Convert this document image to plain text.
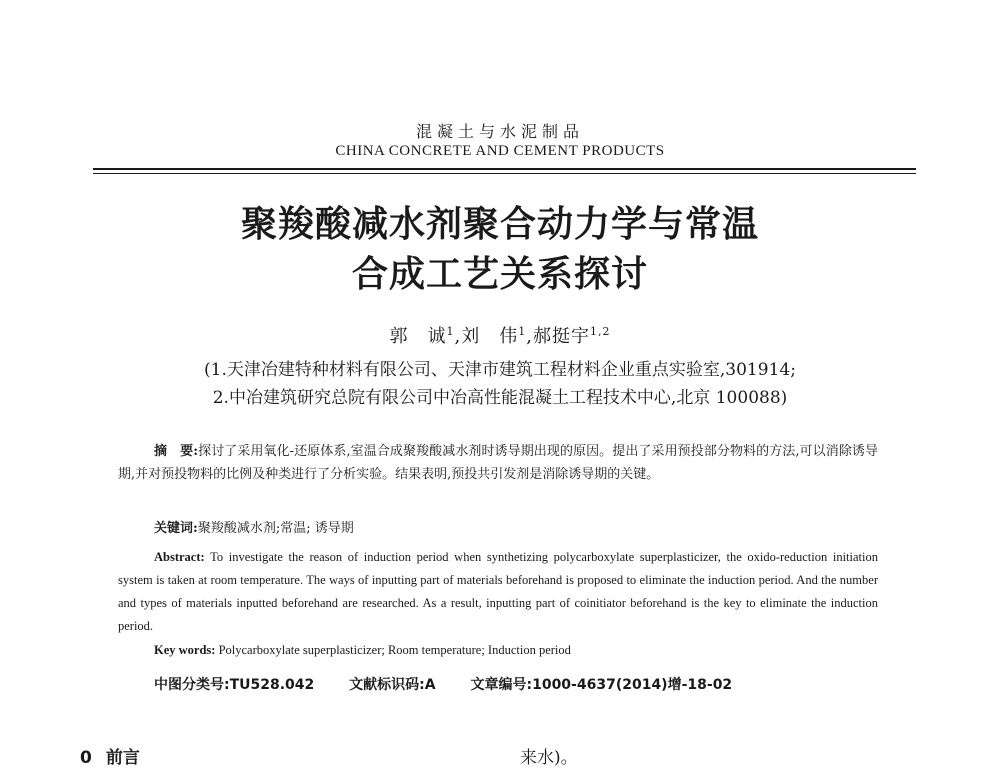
混凝土与水泥制品
CHINA CONCRETE AND CEMENT PRODUCTS
聚羧酸减水剂聚合动力学与常温
合成工艺关系探讨
郭　诚$^1$,刘　伟$^1$,郝挺宇$^{1,2}$
(1.天津冶建特种材料有限公司、天津市建筑工程材料企业重点实验室,301914;
2.中冶建筑研究总院有限公司中冶高性能混凝土工程技术中心,北京 100088)
摘　要:探讨了采用氧化-还原体系,室温合成聚羧酸减水剂时诱导期出现的原因。提出了采用预投部分物料的方法,可以消除诱导期,并对预投物料的比例及种类进行了分析实验。结果表明,预投共引发剂是消除诱导期的关键。
关键词:聚羧酸减水剂;常温; 诱导期
Abstract: To investigate the reason of induction period when synthetizing polycarboxylate superplasticizer, the oxido-reduction initiation system is taken at room temperature. The ways of inputting part of materials beforehand is proposed to eliminate the induction period. And the number and types of materials inputted beforehand are researched. As a result, inputting part of coinitiator beforehand is the key to eliminate the induction period.
Key words: Polycarboxylate superplasticizer; Room temperature; Induction period
中图分类号:TU528.042 文献标识码:A 文章编号:1000-4637(2014)增-18-02
0 前言	来水)。
